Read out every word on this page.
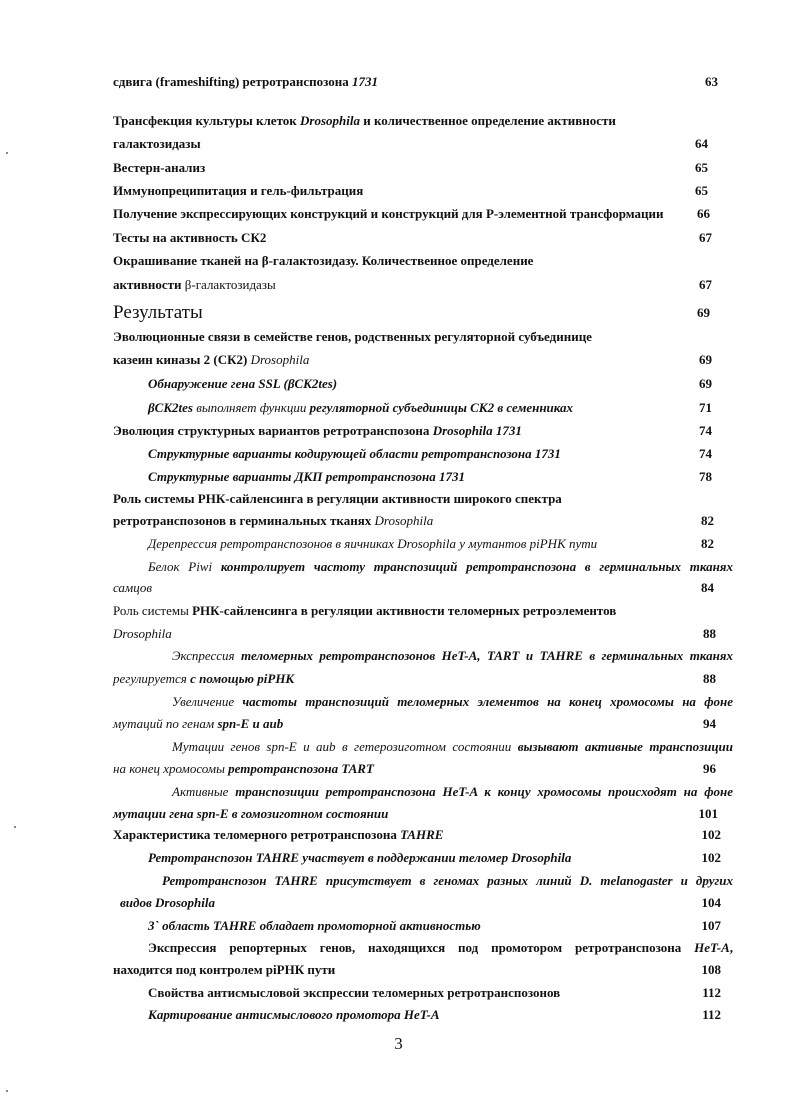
сдвига (frameshifting) ретротранспозона 1731	63
Трансфекция культуры клеток Drosophila и количественное определение активности
галактозидазы	64
Вестерн-анализ	65
Иммунопреципитация и гель-фильтрация	65
Получение экспрессирующих конструкций и конструкций для Р-элементной трансформации	66
Тесты на активность СК2	67
Окрашивание тканей на β-галактозидазу. Количественное определение
активности β-галактозидазы	67
Результаты	69
Эволюционные связи в семействе генов, родственных регуляторной субъединице
казеин киназы 2 (СК2) Drosophila	69
Обнаружение гена SSL (βCK2tes)	69
βCK2tes выполняет функции регуляторной субъединицы СК2 в семенниках	71
Эволюция структурных вариантов ретротранспозона Drosophila 1731	74
Структурные варианты кодирующей области ретротранспозона 1731	74
Структурные варианты ДКП ретротранспозона 1731	78
Роль системы РНК-сайленсинга в регуляции активности широкого спектра
ретротранспозонов в герминальных тканях Drosophila	82
Дерепрессия ретротранспозонов в яичниках Drosophila у мутантов piРНК пути	82
Белок Piwi контролирует частоту транспозиций ретротранспозона в герминальных тканях
самцов	84
Роль системы РНК-сайленсинга в регуляции активности теломерных ретроэлементов
Drosophila	88
Экспрессия теломерных ретротранспозонов HeT-A, TART и TAHRE в герминальных тканях
регулируется с помощью piРНК	88
Увеличение частоты транспозиций теломерных элементов на конец хромосомы на фоне
мутаций по генам spn-E и aub	94
Мутации генов spn-E и aub в гетерозиготном состоянии вызывают активные транспозиции
на конец хромосомы ретротранспозона TART	96
Активные транспозиции ретротранспозона HeT-A к концу хромосомы происходят на фоне
мутации гена spn-E в гомозиготном состоянии	101
Характеристика теломерного ретротранспозона TAHRE	102
Ретротранспозон TAHRE участвует в поддержании теломер Drosophila	102
Ретротранспозон TAHRE присутствует в геномах разных линий D. melanogaster и других
видов Drosophila	104
3` область TAHRE обладает промоторной активностью	107
Экспрессия репортерных генов, находящихся под промотором ретротранспозона HeT-A,
находится под контролем piРНК пути	108
Свойства антисмысловой экспрессии теломерных ретротранспозонов	112
Картирование антисмыслового промотора HeT-A	112
3
